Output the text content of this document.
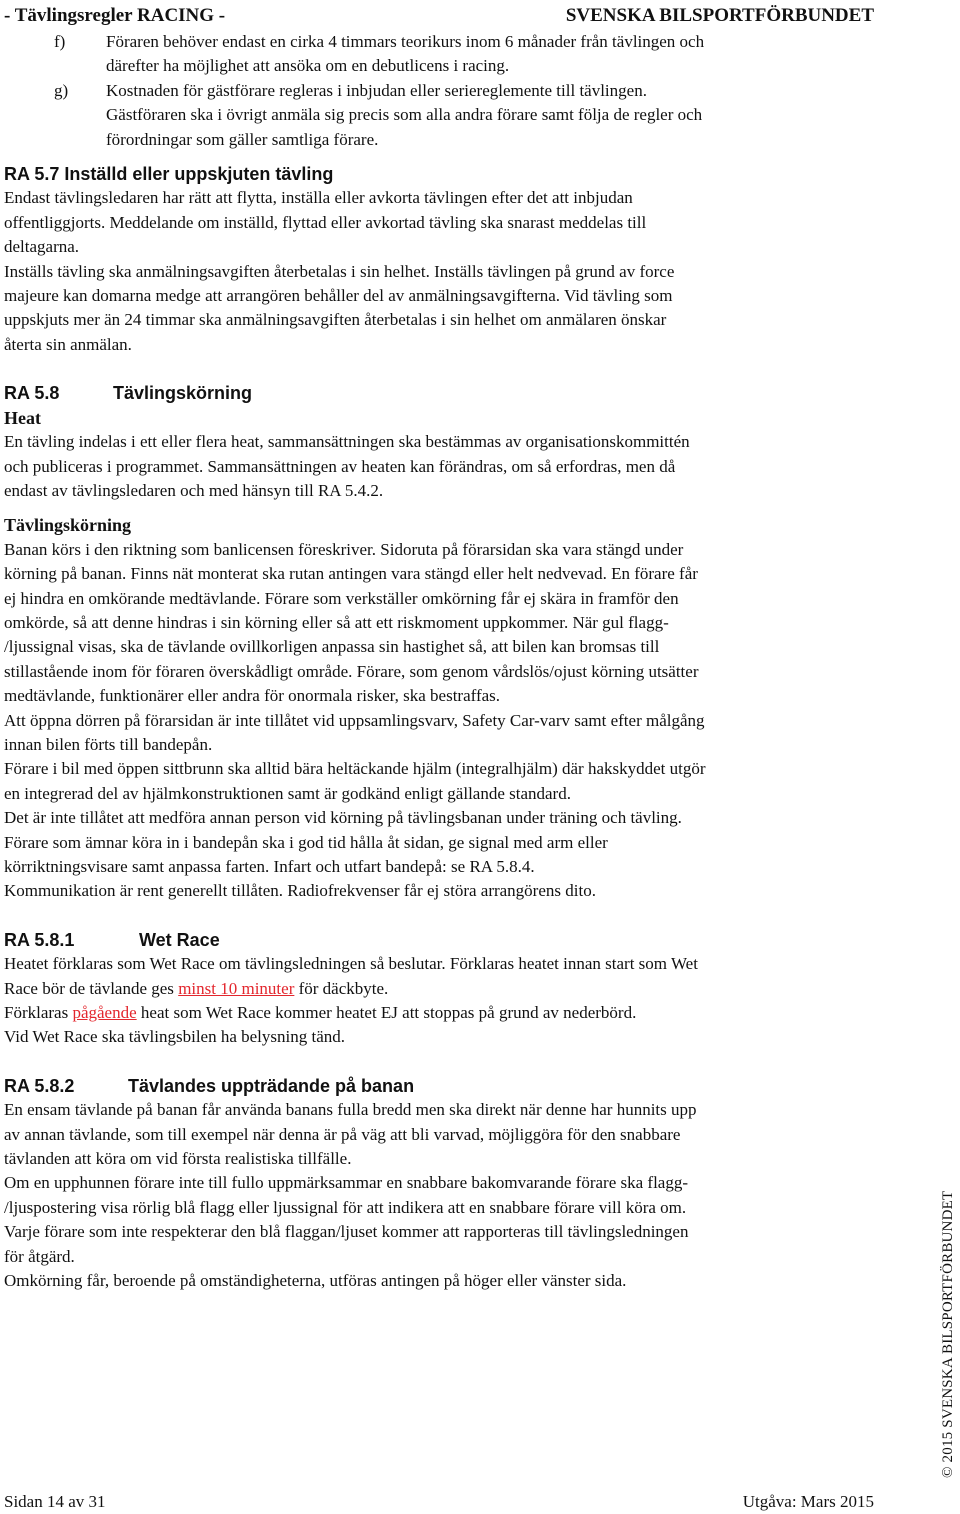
- Tävlingsregler RACING -	SVENSKA BILSPORTFÖRBUNDET
f)	Föraren behöver endast en cirka 4 timmars teorikurs inom 6 månader från tävlingen och

därefter ha möjlighet att ansöka om en debutlicens i racing.

g)	Kostnaden för gästförare regleras i inbjudan eller seriereglemente till tävlingen.

Gästföraren ska i övrigt anmäla sig precis som alla andra förare samt följa de regler och

förordningar som gäller samtliga förare.

RA 5.7 Inställd eller uppskjuten tävling

Endast tävlingsledaren har rätt att flytta, inställa eller avkorta tävlingen efter det att inbjudan

offentliggjorts. Meddelande om inställd, flyttad eller avkortad tävling ska snarast meddelas till

deltagarna.

Inställs tävling ska anmälningsavgiften återbetalas i sin helhet. Inställs tävlingen på grund av force

majeure kan domarna medge att arrangören behåller del av anmälningsavgifterna. Vid tävling som

uppskjuts mer än 24 timmar ska anmälningsavgiften återbetalas i sin helhet om anmälaren önskar

återta sin anmälan.

RA 5.8	Tävlingskörning

Heat

En tävling indelas i ett eller flera heat, sammansättningen ska bestämmas av organisationskommittén

och publiceras i programmet. Sammansättningen av heaten kan förändras, om så erfordras, men då

endast av tävlingsledaren och med hänsyn till RA 5.4.2.

Tävlingskörning

Banan körs i den riktning som banlicensen föreskriver. Sidoruta på förarsidan ska vara stängd under

körning på banan. Finns nät monterat ska rutan antingen vara stängd eller helt nedvevad. En förare får

ej hindra en omkörande medtävlande. Förare som verkställer omkörning får ej skära in framför den

omkörde, så att denne hindras i sin körning eller så att ett riskmoment uppkommer. När gul flagg-

/ljussignal visas, ska de tävlande ovillkorligen anpassa sin hastighet så, att bilen kan bromsas till

stillastående inom för föraren överskådligt område. Förare, som genom vårdslös/ojust körning utsätter

medtävlande, funktionärer eller andra för onormala risker, ska bestraffas.

Att öppna dörren på förarsidan är inte tillåtet vid uppsamlingsvarv, Safety Car-varv samt efter målgång

innan bilen förts till bandepån.

Förare i bil med öppen sittbrunn ska alltid bära heltäckande hjälm (integralhjälm) där hakskyddet utgör

en integrerad del av hjälmkonstruktionen samt är godkänd enligt gällande standard.

Det är inte tillåtet att medföra annan person vid körning på tävlingsbanan under träning och tävling.

Förare som ämnar köra in i bandepån ska i god tid hålla åt sidan, ge signal med arm eller

körriktningsvisare samt anpassa farten. Infart och utfart bandepå: se RA 5.8.4.

Kommunikation är rent generellt tillåten. Radiofrekvenser får ej störa arrangörens dito.

RA 5.8.1	Wet Race

Heatet förklaras som Wet Race om tävlingsledningen så beslutar. Förklaras heatet innan start som Wet

Race bör de tävlande ges minst 10 minuter för däckbyte.

Förklaras pågående heat som Wet Race kommer heatet EJ att stoppas på grund av nederbörd.

Vid Wet Race ska tävlingsbilen ha belysning tänd.

RA 5.8.2	Tävlandes uppträdande på banan

En ensam tävlande på banan får använda banans fulla bredd men ska direkt när denne har hunnits upp

av annan tävlande, som till exempel när denna är på väg att bli varvad, möjliggöra för den snabbare

tävlanden att köra om vid första realistiska tillfälle.

Om en upphunnen förare inte till fullo uppmärksammar en snabbare bakomvarande förare ska flagg-

/ljuspostering visa rörlig blå flagg eller ljussignal för att indikera att en snabbare förare vill köra om.

Varje förare som inte respekterar den blå flaggan/ljuset kommer att rapporteras till tävlingsledningen

för åtgärd.

Omkörning får, beroende på omständigheterna, utföras antingen på höger eller vänster sida.	© 2015 SVENSKA BILSPORTFÖRBUNDET
Sidan 14 av 31	Utgåva: Mars 2015
